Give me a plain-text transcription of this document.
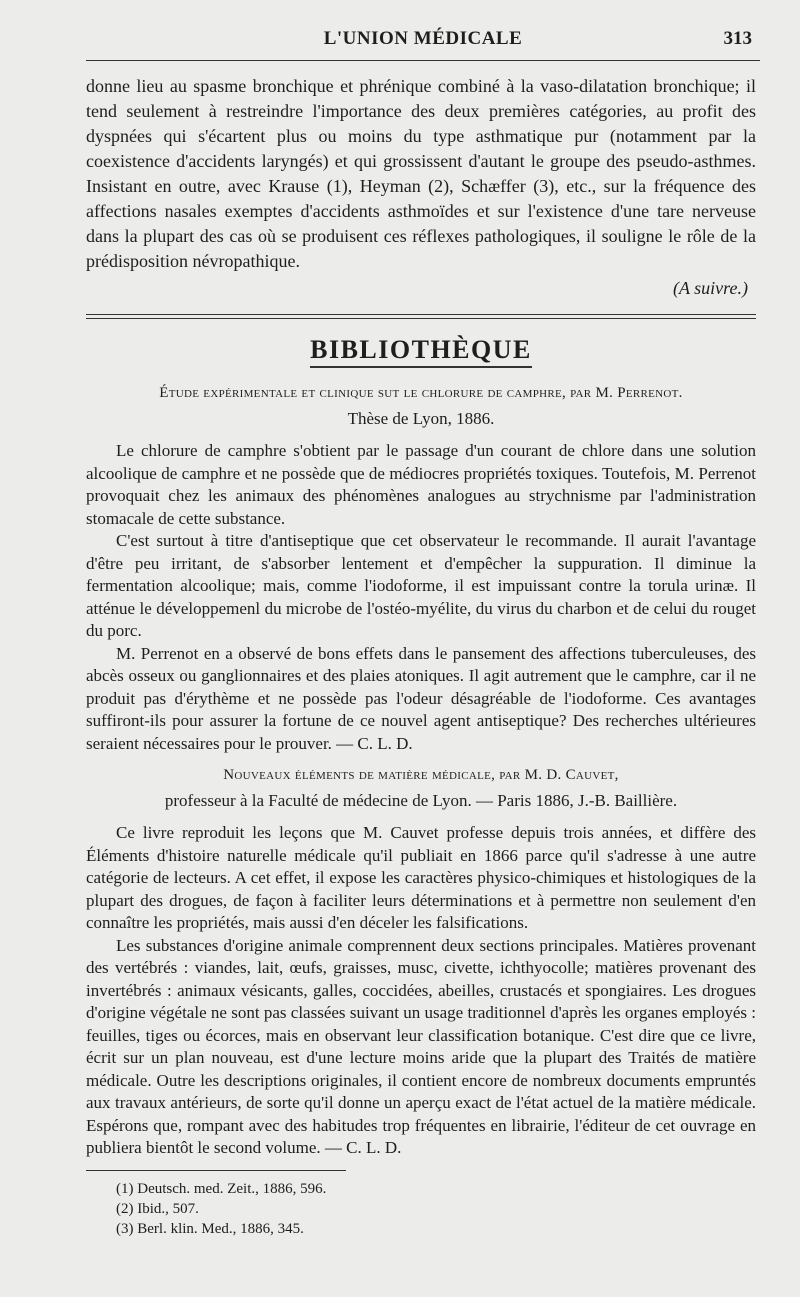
L'UNION MÉDICALE	313

donne lieu au spasme bronchique et phrénique combiné à la vaso-dilatation bronchique; il tend seulement à restreindre l'importance des deux premières catégories, au profit des dyspnées qui s'écartent plus ou moins du type asthmatique pur (notamment par la coexistence d'accidents laryngés) et qui grossissent d'autant le groupe des pseudo-asthmes. Insistant en outre, avec Krause (1), Heyman (2), Schæffer (3), etc., sur la fréquence des affections nasales exemptes d'accidents asthmoïdes et sur l'existence d'une tare nerveuse dans la plupart des cas où se produisent ces réflexes pathologiques, il souligne le rôle de la prédisposition névropathique.

(A suivre.)
BIBLIOTHÈQUE

Étude expérimentale et clinique sut le chlorure de camphre, par M. Perrenot.

Thèse de Lyon, 1886.

Le chlorure de camphre s'obtient par le passage d'un courant de chlore dans une solution alcoolique de camphre et ne possède que de médiocres propriétés toxiques. Toutefois, M. Perrenot provoquait chez les animaux des phénomènes analogues au strychnisme par l'administration stomacale de cette substance.

C'est surtout à titre d'antiseptique que cet observateur le recommande. Il aurait l'avantage d'être peu irritant, de s'absorber lentement et d'empêcher la suppuration. Il diminue la fermentation alcoolique; mais, comme l'iodoforme, il est impuissant contre la torula urinæ. Il atténue le développemenl du microbe de l'ostéo-myélite, du virus du charbon et de celui du rouget du porc.

M. Perrenot en a observé de bons effets dans le pansement des affections tuberculeuses, des abcès osseux ou ganglionnaires et des plaies atoniques. Il agit autrement que le camphre, car il ne produit pas d'érythème et ne possède pas l'odeur désagréable de l'iodoforme. Ces avantages suffiront-ils pour assurer la fortune de ce nouvel agent antiseptique? Des recherches ultérieures seraient nécessaires pour le prouver. — C. L. D.

Nouveaux éléments de matière médicale, par M. D. Cauvet,

professeur à la Faculté de médecine de Lyon. — Paris 1886, J.-B. Baillière.

Ce livre reproduit les leçons que M. Cauvet professe depuis trois années, et diffère des Éléments d'histoire naturelle médicale qu'il publiait en 1866 parce qu'il s'adresse à une autre catégorie de lecteurs. A cet effet, il expose les caractères physico-chimiques et histologiques de la plupart des drogues, de façon à faciliter leurs déterminations et à permettre non seulement d'en connaître les propriétés, mais aussi d'en déceler les falsifications.

Les substances d'origine animale comprennent deux sections principales. Matières provenant des vertébrés : viandes, lait, œufs, graisses, musc, civette, ichthyocolle; matières provenant des invertébrés : animaux vésicants, galles, coccidées, abeilles, crustacés et spongiaires. Les drogues d'origine végétale ne sont pas classées suivant un usage traditionnel d'après les organes employés : feuilles, tiges ou écorces, mais en observant leur classification botanique. C'est dire que ce livre, écrit sur un plan nouveau, est d'une lecture moins aride que la plupart des Traités de matière médicale. Outre les descriptions originales, il contient encore de nombreux documents empruntés aux travaux antérieurs, de sorte qu'il donne un aperçu exact de l'état actuel de la matière médicale. Espérons que, rompant avec des habitudes trop fréquentes en librairie, l'éditeur de cet ouvrage en publiera bientôt le second volume. — C. L. D.

(1) Deutsch. med. Zeit., 1886, 596.
(2) Ibid., 507.
(3) Berl. klin. Med., 1886, 345.
